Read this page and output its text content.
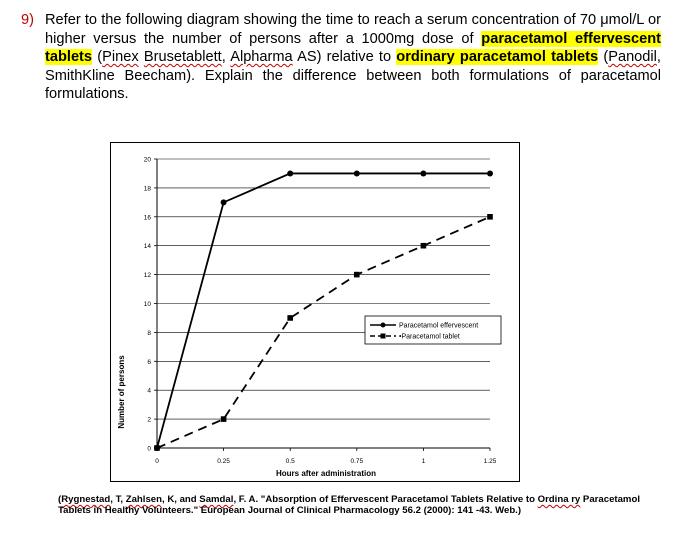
9) Refer to the following diagram showing the time to reach a serum concentration of 70 μmol/L or higher versus the number of persons after a 1000mg dose of paracetamol effervescent tablets (Pinex Brusetablett, Alpharma AS) relative to ordinary paracetamol tablets (Panodil, SmithKline Beecham). Explain the difference between both formulations of paracetamol formulations.
0
2
4
6
8
10
12
14
16
18
20
0	0.25	0.5	0.75	1	1.25
Paracetamol effervescent
•Paracetamol tablet
Hours after administration
Number of persons
(Rygnestad, T, Zahlsen, K, and Samdal, F. A. "Absorption of Effervescent Paracetamol Tablets Relative to Ordina ry Paracetamol Tablets in Healthy Volunteers." European Journal of Clinical Pharmacology 56.2 (2000): 141 -43. Web.)
